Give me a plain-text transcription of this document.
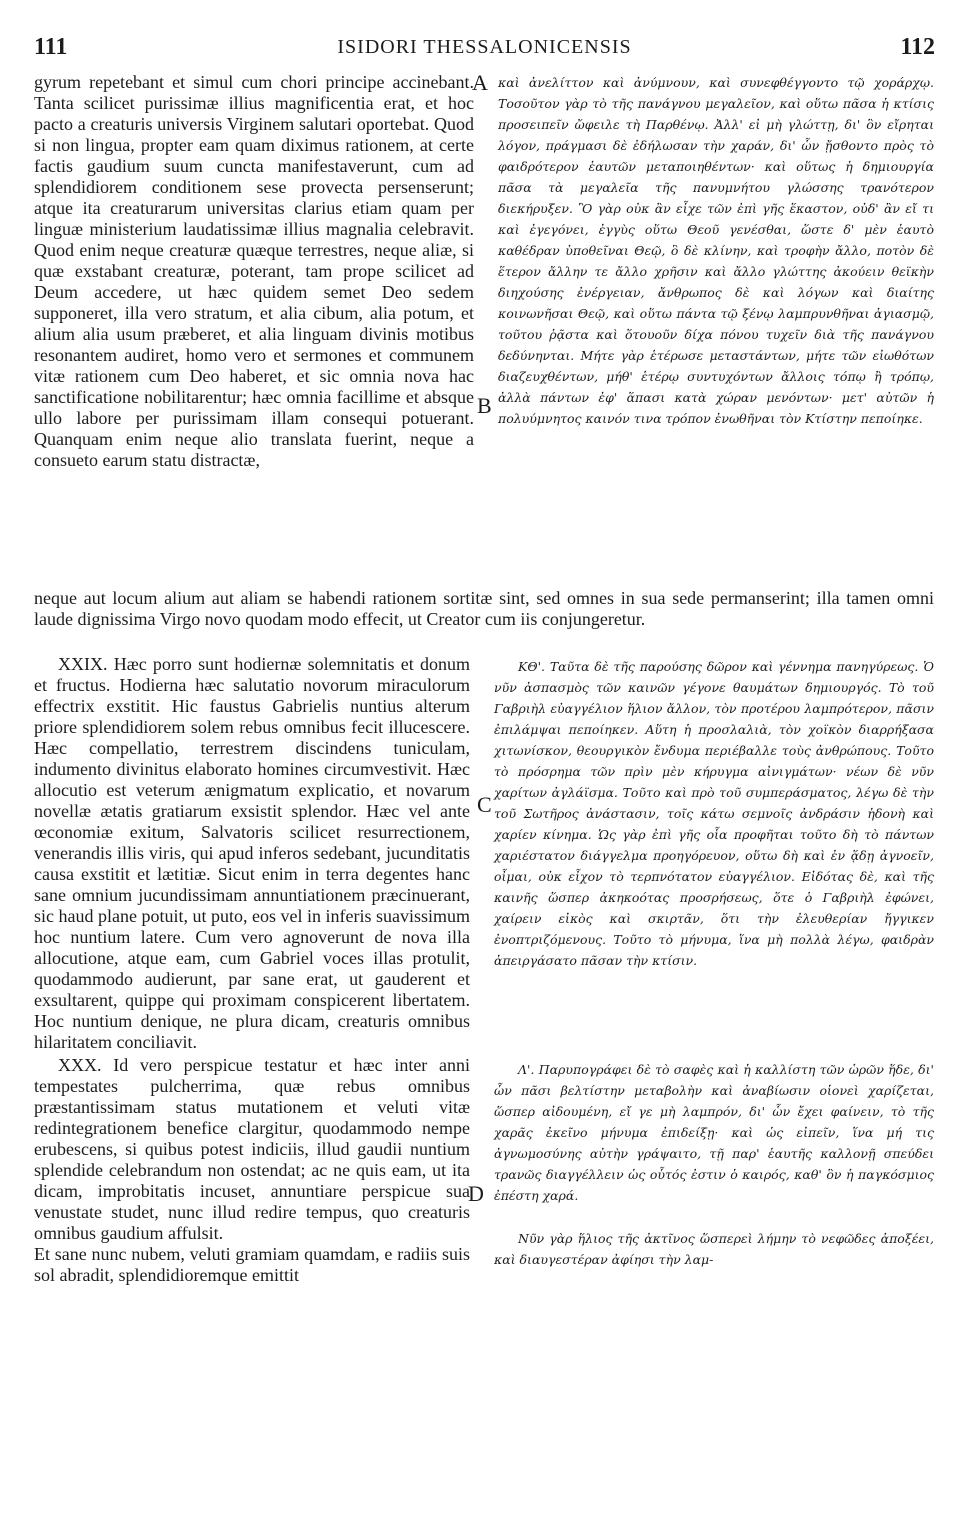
111	ISIDORI THESSALONICENSIS	112
A
B
C
D

gyrum repetebant et simul cum chori principe accinebant. Tanta scilicet purissimæ illius magnificentia erat, et hoc pacto a creaturis universis Virginem salutari oportebat. Quod si non lingua, propter eam quam diximus rationem, at certe factis gaudium suum cuncta manifestaverunt, cum ad splendidiorem conditionem sese provecta persenserunt; atque ita creaturarum universitas clarius etiam quam per linguæ ministerium laudatissimæ illius magnalia celebravit. Quod enim neque creaturæ quæque terrestres, neque aliæ, si quæ exstabant creaturæ, poterant, tam prope scilicet ad Deum accedere, ut hæc quidem semet Deo sedem supponeret, illa vero stratum, et alia cibum, alia potum, et alium alia usum præberet, et alia linguam divinis motibus resonantem audiret, homo vero et sermones et communem vitæ rationem cum Deo haberet, et sic omnia nova hac sanctificatione nobilitarentur; hæc omnia facillime et absque ullo labore per purissimam illam consequi potuerant. Quanquam enim neque alio translata fuerint, neque a consueto earum statu distractæ,

καὶ ἀνελίττον καὶ ἀνύμνουν, καὶ συνεφθέγγοντο τῷ χοράρχῳ. Τοσοῦτον γὰρ τὸ τῆς πανάγνου μεγαλεῖον, καὶ οὕτω πᾶσα ἡ κτίσις προσειπεῖν ὤφειλε τὴ Παρθένῳ. Ἀλλ' εἰ μὴ γλώττῃ, δι' ὃν εἴρηται λόγον, πράγμασι δὲ ἐδήλωσαν τὴν χαράν, δι' ὧν ᾔσθοντο πρὸς τὸ φαιδρότερον ἑαυτῶν μεταποιηθέντων· καὶ οὕτως ἡ δημιουργία πᾶσα τὰ μεγαλεῖα τῆς πανυμνήτου γλώσσης τρανότερον διεκήρυξεν. Ὃ γὰρ οὐκ ἂν εἶχε τῶν ἐπὶ γῆς ἕκαστον, οὐδ' ἂν εἴ τι καὶ ἐγεγόνει, ἐγγὺς οὕτω Θεοῦ γενέσθαι, ὥστε δ' μὲν ἑαυτὸ καθέδραν ὑποθεῖναι Θεῷ, ὃ δὲ κλίνην, καὶ τροφὴν ἄλλο, ποτὸν δὲ ἕτερον ἄλλην τε ἄλλο χρῆσιν καὶ ἄλλο γλώττης ἀκούειν θεϊκὴν διηχούσης ἐνέργειαν, ἄνθρωπος δὲ καὶ λόγων καὶ διαίτης κοινωνῆσαι Θεῷ, καὶ οὕτω πάντα τῷ ξένῳ λαμπρυνθῆναι ἁγιασμῷ, τοῦτου ῥᾷστα καὶ ὅτουοῦν δίχα πόνου τυχεῖν διὰ τῆς πανάγνου δεδύνηνται. Μήτε γὰρ ἑτέρωσε μεταστάντων, μήτε τῶν εἰωθότων διαζευχθέντων, μήθ' ἑτέρῳ συντυχόντων ἄλλοις τόπῳ ἢ τρόπῳ, ἀλλὰ πάντων ἐφ' ἅπασι κατὰ χώραν μενόντων· μετ' αὐτῶν ἡ πολυύμνητος καινόν τινα τρόπον ἑνωθῆναι τὸν Κτίστην πεποίηκε.

neque aut locum alium aut aliam se habendi rationem sortitæ sint, sed omnes in sua sede permanserint; illa tamen omni laude dignissima Virgo novo quodam modo effecit, ut Creator cum iis conjungeretur.

XXIX. Hæc porro sunt hodiernæ solemnitatis et donum et fructus. Hodierna hæc salutatio novorum miraculorum effectrix exstitit. Hic faustus Gabrielis nuntius alterum priore splendidiorem solem rebus omnibus fecit illucescere. Hæc compellatio, terrestrem discindens tuniculam, indumento divinitus elaborato homines circumvestivit. Hæc allocutio est veterum ænigmatum explicatio, et novarum novellæ ætatis gratiarum exsistit splendor. Hæc vel ante œconomiæ exitum, Salvatoris scilicet resurrectionem, venerandis illis viris, qui apud inferos sedebant, jucunditatis causa exstitit et lætitiæ. Sicut enim in terra degentes hanc sane omnium jucundissimam annuntiationem præcinuerant, sic haud plane potuit, ut puto, eos vel in inferis suavissimum hoc nuntium latere. Cum vero agnoverunt de nova illa allocutione, atque eam, cum Gabriel voces illas protulit, quodammodo audierunt, par sane erat, ut gauderent et exsultarent, quippe qui proximam conspicerent libertatem. Hoc nuntium denique, ne plura dicam, creaturis omnibus hilaritatem conciliavit.

XXX. Id vero perspicue testatur et hæc inter anni tempestates pulcherrima, quæ rebus omnibus præstantissimam status mutationem et veluti vitæ redintegrationem benefice clargitur, quodammodo nempe erubescens, si quibus potest indiciis, illud gaudii nuntium splendide celebrandum non ostendat; ac ne quis eam, ut ita dicam, improbitatis incuset, annuntiare perspicue sua venustate studet, nunc illud redire tempus, quo creaturis omnibus gaudium affulsit.

Et sane nunc nubem, veluti gramiam quamdam, e radiis suis sol abradit, splendidioremque emittit

ΚΘ'. Ταῦτα δὲ τῆς παρούσης δῶρον καὶ γέννημα πανηγύρεως. Ὁ νῦν ἀσπασμὸς τῶν καινῶν γέγονε θαυμάτων δημιουργός. Τὸ τοῦ Γαβριὴλ εὐαγγέλιον ἥλιον ἄλλον, τὸν προτέρου λαμπρότερον, πᾶσιν ἐπιλάμψαι πεποίηκεν. Αὕτη ἡ προσλαλιὰ, τὸν χοϊκὸν διαρρήξασα χιτωνίσκον, θεουργικὸν ἔνδυμα περιέβαλλε τοὺς ἀνθρώπους. Τοῦτο τὸ πρόσρημα τῶν πρὶν μὲν κήρυγμα αἰνιγμάτων· νέων δὲ νῦν χαρίτων ἀγλάϊσμα. Τοῦτο καὶ πρὸ τοῦ συμπεράσματος, λέγω δὲ τὴν τοῦ Σωτῆρος ἀνάστασιν, τοῖς κάτω σεμνοῖς ἀνδράσιν ἡδονὴ καὶ χαρίεν κίνημα. Ὡς γὰρ ἐπὶ γῆς οἷα προφῆται τοῦτο δὴ τὸ πάντων χαριέστατον διάγγελμα προηγόρευον, οὕτω δὴ καὶ ἐν ᾅδῃ ἀγνοεῖν, οἶμαι, οὐκ εἶχον τὸ τερπνότατον εὐαγγέλιον. Εἰδότας δὲ, καὶ τῆς καινῆς ὥσπερ ἀκηκοότας προσρήσεως, ὅτε ὁ Γαβριὴλ ἐφώνει, χαίρειν εἰκὸς καὶ σκιρτᾶν, ὅτι τὴν ἐλευθερίαν ἤγγικεν ἐνοπτριζόμενους. Τοῦτο τὸ μήνυμα, ἵνα μὴ πολλὰ λέγω, φαιδρὰν ἀπειργάσατο πᾶσαν τὴν κτίσιν.

Λ'. Παρυπογράφει δὲ τὸ σαφὲς καὶ ἡ καλλίστη τῶν ὡρῶν ἥδε, δι' ὧν πᾶσι βελτίστην μεταβολὴν καὶ ἀναβίωσιν οἱονεὶ χαρίζεται, ὥσπερ αἰδουμένη, εἴ γε μὴ λαμπρόν, δι' ὧν ἔχει φαίνειν, τὸ τῆς χαρᾶς ἐκεῖνο μήνυμα ἐπιδείξῃ· καὶ ὡς εἰπεῖν, ἵνα μή τις ἀγνωμοσύνης αὐτὴν γράψαιτο, τῇ παρ' ἑαυτῆς καλλονῇ σπεύδει τρανῶς διαγγέλλειν ὡς οὗτός ἐστιν ὁ καιρός, καθ' ὃν ἡ παγκόσμιος ἐπέστη χαρά.

Νῦν γὰρ ἥλιος τῆς ἀκτῖνος ὥσπερεὶ λήμην τὸ νεφῶδες ἀποξέει, καὶ διαυγεστέραν ἀφίησι τὴν λαμ-
